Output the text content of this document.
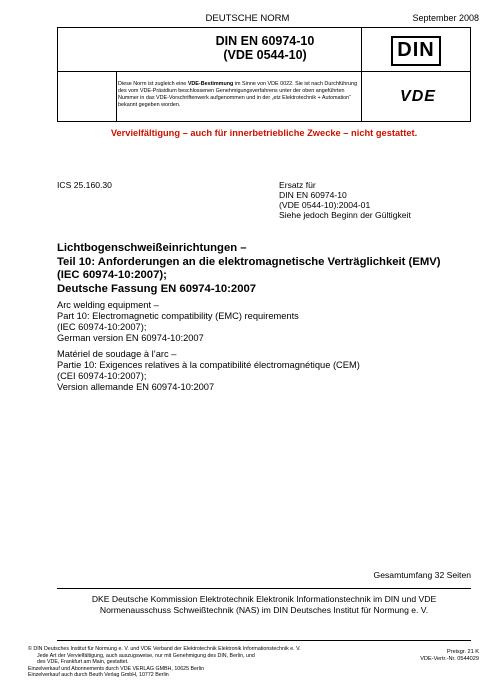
DEUTSCHE NORM	September 2008
DIN EN 60974-10
(VDE 0544-10)
Diese Norm ist zugleich eine VDE-Bestimmung im Sinne von VDE 0022. Sie ist nach Durchführung des vom VDE-Präsidium beschlossenen Genehmigungsverfahrens unter der oben angeführten Nummer in das VDE-Vorschriftenwerk aufgenommen und in der „etz Elektrotechnik + Automation“ bekannt gegeben worden.
DIN
VDE
Vervielfältigung – auch für innerbetriebliche Zwecke – nicht gestattet.
ICS 25.160.30	Ersatz für
DIN EN 60974-10
(VDE 0544-10):2004-01
Siehe jedoch Beginn der Gültigkeit
Lichtbogenschweißeinrichtungen –
Teil 10: Anforderungen an die elektromagnetische Verträglichkeit (EMV)
(IEC 60974-10:2007);
Deutsche Fassung EN 60974-10:2007
Arc welding equipment –
Part 10: Electromagnetic compatibility (EMC) requirements
(IEC 60974-10:2007);
German version EN 60974-10:2007
Matériel de soudage à l’arc –
Partie 10: Exigences relatives à la compatibilité électromagnétique (CEM)
(CEI 60974-10:2007);
Version allemande EN 60974-10:2007
Gesamtumfang 32 Seiten
DKE Deutsche Kommission Elektrotechnik Elektronik Informationstechnik im DIN und VDE
Normenausschuss Schweißtechnik (NAS) im DIN Deutsches Institut für Normung e. V.
© DIN Deutsches Institut für Normung e. V. und VDE Verband der Elektrotechnik Elektronik Informationstechnik e. V.
Jede Art der Vervielfältigung, auch auszugsweise, nur mit Genehmigung des DIN, Berlin, und
des VDE, Frankfurt am Main, gestattet.
Einzelverkauf und Abonnements durch VDE VERLAG GMBH, 10625 Berlin
Einzelverkauf auch durch Beuth Verlag GmbH, 10772 Berlin
Preisgr. 21 K
VDE-Vertr.-Nr. 0544029
